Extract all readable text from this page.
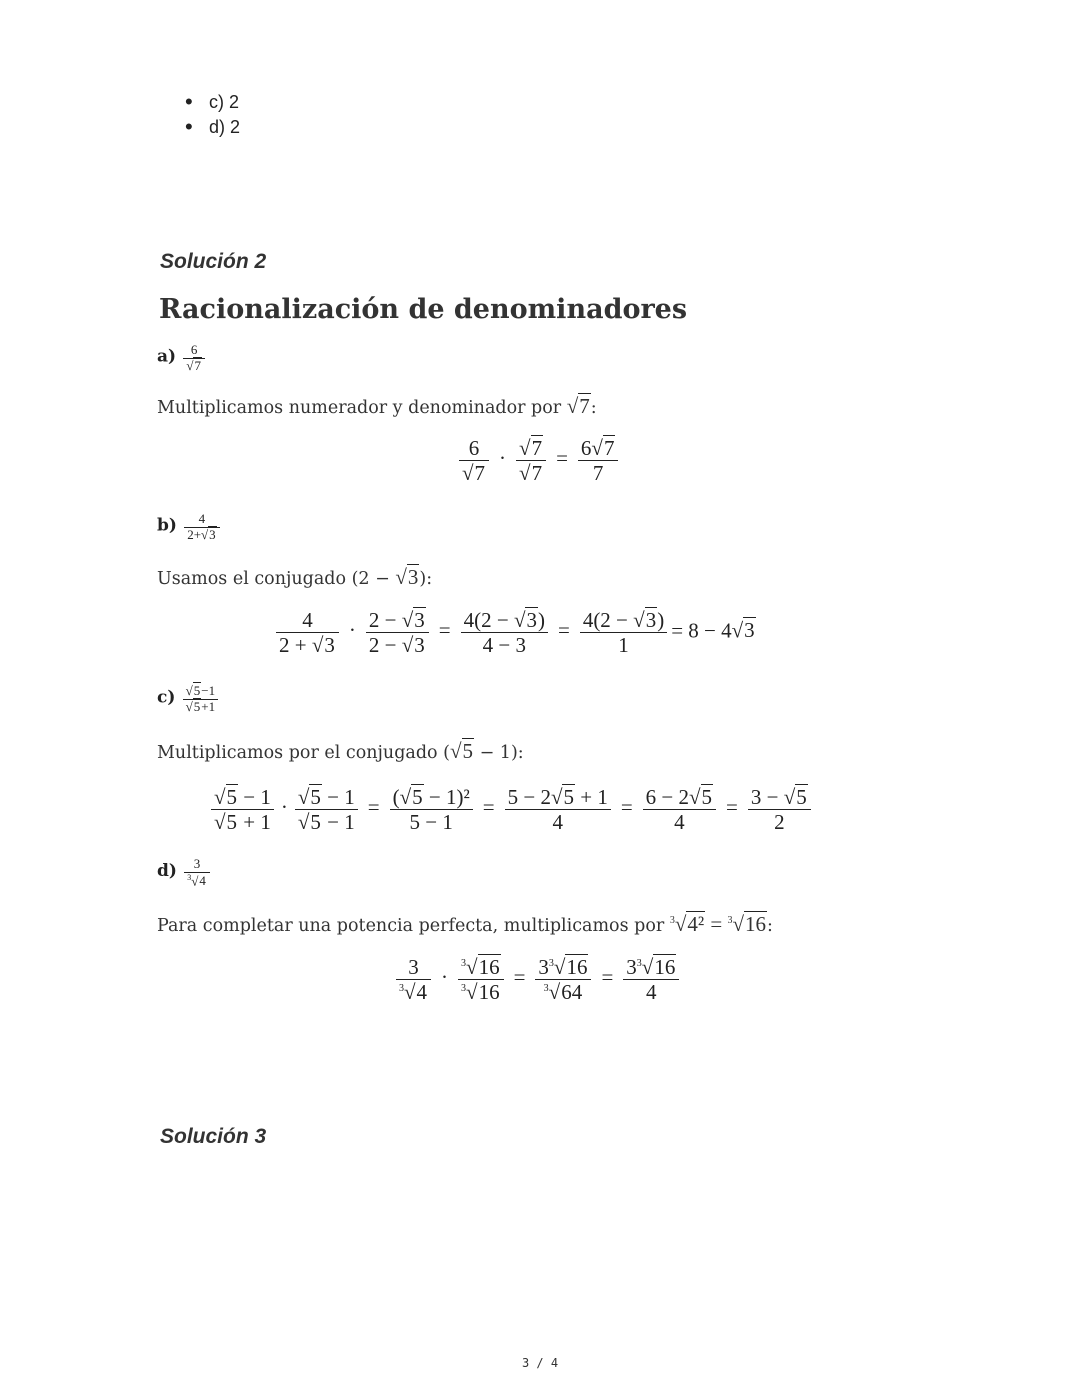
• c) 2
• d) 2
Solución 2
Racionalización de denominadores
$a) \frac{6}{√7}$
Multiplicamos numerador y denominador por √7:
$\frac{6}{√7} \cdot \frac{√7}{√7} = \frac{6√7}{7}$
$b) \frac{4}{2+√3}$
Usamos el conjugado (2 − √3):
$\frac{4}{2 + √3} \cdot \frac{2 - √3}{2 - √3} = \frac{4(2 - √3)}{4 - 3} = \frac{4(2 - √3)}{1} = 8 - 4√3$
$c) \frac{√5-1}{√5+1}$
Multiplicamos por el conjugado (√5 − 1):
$\frac{√5 - 1}{√5 + 1} \cdot \frac{√5 - 1}{√5 - 1} = \frac{\text{(√5 − 1)²}}{5 - 1} = \frac{5 - 2√5 + 1}{4} = \frac{6 - 2√5}{4} = \frac{3 - √5}{2}$
$d) \frac{3}{^3√4}$
Para completar una potencia perfecta, multiplicamos por $^3$√4² = $^3$√16:
$\frac{3}{^3√4} \cdot \frac{^3√16}{^3√16} = \frac{3^3√16}{^3√64} = \frac{3^3√16}{4}$
Solución 3
3 / 4
